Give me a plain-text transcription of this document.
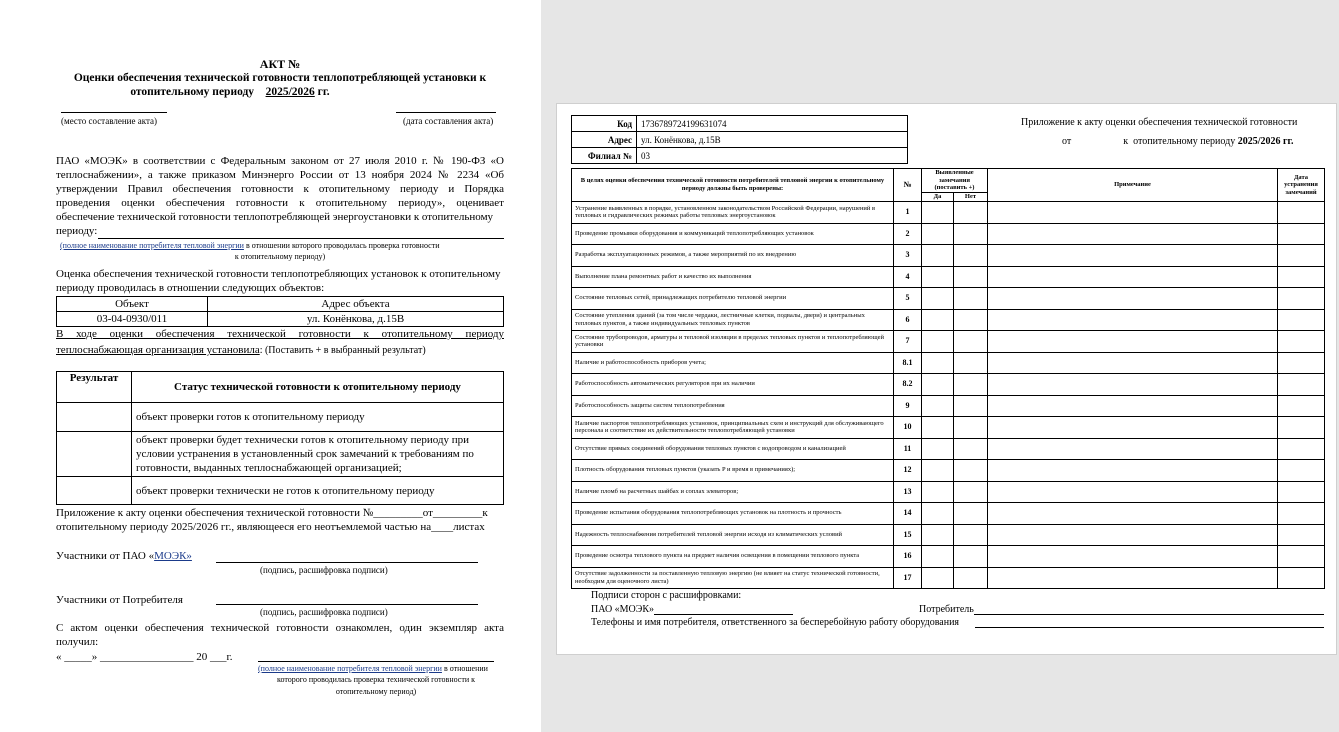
АКТ №
Оценки обеспечения технической готовности теплопотребляющей установки к
отопительному периоду 2025/2026 гг.
(место составление акта)	(дата составления акта)
ПАО «МОЭК» в соответствии с Федеральным законом от 27 июля 2010 г. № 190-ФЗ «О
теплоснабжении», а также приказом Минэнерго России от 13 ноября 2024 № 2234 «Об
утверждении Правил обеспечения готовности к отопительному периоду и Порядка
проведения оценки обеспечения готовности к отопительному периоду», оценивает
обеспечение технической готовности теплопотребляющей энергоустановки к отопительному
периоду:
(полное наименование потребителя тепловой энергии в отношении которого проводилась проверка готовности
к отопительному периоду)
Оценка обеспечения технической готовности теплопотребляющих установок к отопительному
периоду проводилась в отношении следующих объектов:
Объект	Адрес объекта
03-04-0930/011	ул. Конёнкова, д.15В
В ходе оценки обеспечения технической готовности к отопительному периоду
теплоснабжающая организация установила: (Поставить + в выбранный результат)
Результат	Статус технической готовности к отопительному периоду
	объект проверки готов к отопительному периоду

	объект проверки будет технически готов к отопительному периоду при
условии устранения в установленный срок замечаний к требованиям по
готовности, выданных теплоснабжающей организацией;

	объект проверки технически не готов к отопительному периоду
Приложение к акту оценки обеспечения технической готовности №_________от_________к
отопительному периоду 2025/2026 гг., являющееся его неотъемлемой частью на____листах
Участники от ПАО «МОЭК»
(подпись, расшифровка подписи)
Участники от Потребителя
(подпись, расшифровка подписи)
С актом оценки обеспечения технической готовности ознакомлен, один экземпляр акта
получил:
« _____» _________________ 20 ___г.
(полное наименование потребителя тепловой энергии в отношении
которого проводилась проверка технической готовности к
отопительному период)
Код	1736789724199631074
Адрес	ул. Конёнкова, д.15В
Филиал №	03
Приложение к акту оценки обеспечения технической готовности
от	к отопительному периоду 2025/2026 гг.
В целях оценки обеспечения технической готовности потребителей тепловой энергии к отопительному периоду должны быть проверены:	№	Выявленные замечания (поставить +)		Примечание	Дата устранения замечаний
		Да	Нет		
Устранение выявленных в порядке, установленном законодательством Российской Федерации, нарушений в тепловых и гидравлических режимах работы тепловых энергоустановок	1				
Проведение промывки оборудования и коммуникаций теплопотребляющих установок	2				
Разработка эксплуатационных режимов, а также мероприятий по их внедрению	3				
Выполнение плана ремонтных работ и качество их выполнения	4				
Состояние тепловых сетей, принадлежащих потребителю тепловой энергии	5				
Состояние утепления зданий (за том числе чердаки, лестничные клетки, подвалы, двери) и центральных тепловых пунктов, а также индивидуальных тепловых пунктов	6				
Состояние трубопроводов, арматуры и тепловой изоляции в пределах тепловых пунктов и теплопотребляющей установки	7				
Наличие и работоспособность приборов учета;	8.1				
Работоспособность автоматических регуляторов при их наличии	8.2				
Работоспособность защиты систем теплопотребления	9				
Наличие паспортов теплопотребляющих установок, принципиальных схем и инструкций для обслуживающего персонала и соответствие их действительности теплопотребляющей установки	10				
Отсутствие прямых соединений оборудования тепловых пунктов с водопроводом и канализацией	11				
Плотность оборудования тепловых пунктов (указать P и время в примечаниях);	12				
Наличие пломб на расчетных шайбах и соплах элеваторов;	13				
Проведение испытания оборудования теплопотребляющих установок на плотность и прочность	14				
Надежность теплоснабжения потребителей тепловой энергии исходя из климатических условий	15				
Проведение осмотра теплового пункта на предмет наличия освещения в помещении теплового пункта	16				
Отсутствие задолженности за поставленную тепловую энергию (не влияет на статус технической готовности, необходим для оценочного листа)	17				
Подписи сторон с расшифровками:
ПАО «МОЭК»	Потребитель
Телефоны и имя потребителя, ответственного за бесперебойную работу оборудования
